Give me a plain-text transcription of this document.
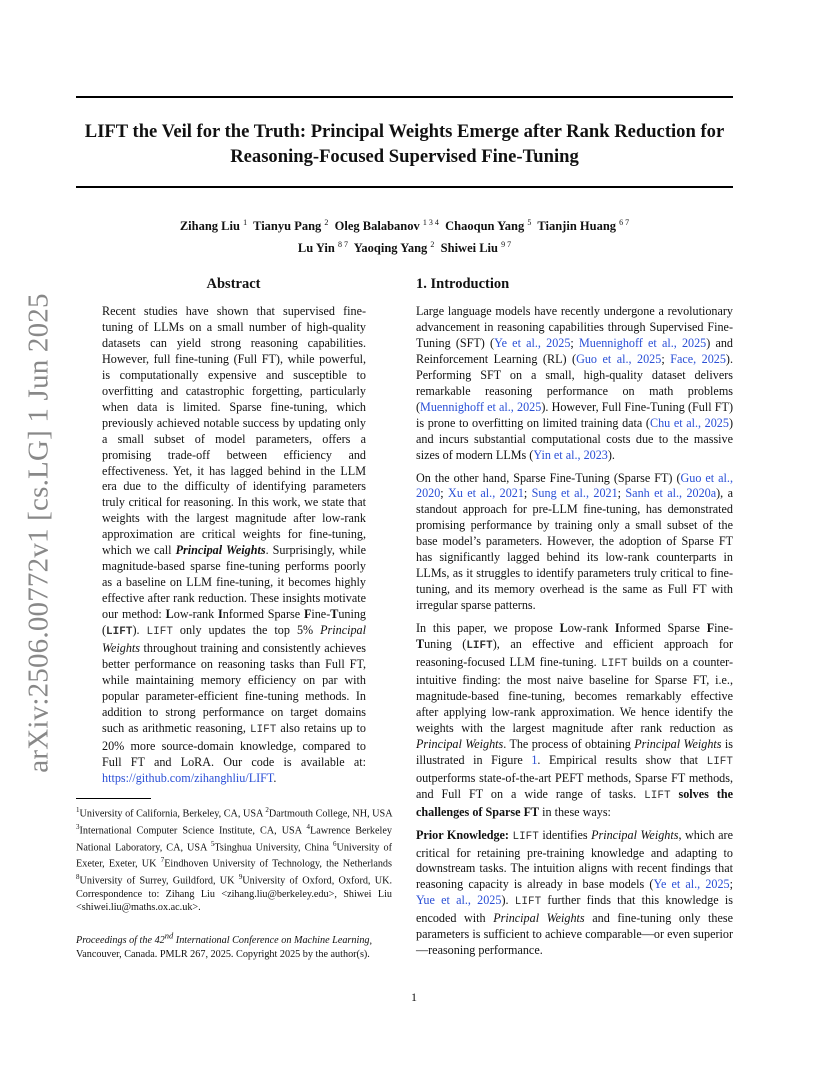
LIFT the Veil for the Truth: Principal Weights Emerge after Rank Reduction for
Reasoning-Focused Supervised Fine-Tuning
Zihang Liu $^1$ Tianyu Pang $^2$ Oleg Balabanov $^{1 3 4}$ Chaoqun Yang $^5$ Tianjin Huang $^{6 7}$
Lu Yin $^{8 7}$ Yaoqing Yang $^2$ Shiwei Liu $^{9 7}$
arXiv:2506.00772v1 [cs.LG] 1 Jun 2025
Abstract
Recent studies have shown that supervised fine-tuning of LLMs on a small number of high-quality datasets can yield strong reasoning capabilities. However, full fine-tuning (Full FT), while powerful, is computationally expensive and susceptible to overfitting and catastrophic forgetting, particularly when data is limited. Sparse fine-tuning, which previously achieved notable success by updating only a small subset of model parameters, offers a promising trade-off between efficiency and effectiveness. Yet, it has lagged behind in the LLM era due to the difficulty of identifying parameters truly critical for reasoning. In this work, we state that weights with the largest magnitude after low-rank approximation are critical weights for fine-tuning, which we call Principal Weights. Surprisingly, while magnitude-based sparse fine-tuning performs poorly as a baseline on LLM fine-tuning, it becomes highly effective after rank reduction. These insights motivate our method: Low-rank Informed Sparse Fine-Tuning (LIFT). LIFT only updates the top 5% Principal Weights throughout training and consistently achieves better performance on reasoning tasks than Full FT, while maintaining memory efficiency on par with popular parameter-efficient fine-tuning methods. In addition to strong performance on target domains such as arithmetic reasoning, LIFT also retains up to 20% more source-domain knowledge, compared to Full FT and LoRA. Our code is available at: https://github.com/zihanghliu/LIFT.
$^1$University of California, Berkeley, CA, USA $^2$Dartmouth College, NH, USA $^3$International Computer Science Institute, CA, USA $^4$Lawrence Berkeley National Laboratory, CA, USA $^5$Tsinghua University, China $^6$University of Exeter, Exeter, UK $^7$Eindhoven University of Technology, the Netherlands $^8$University of Surrey, Guildford, UK $^9$University of Oxford, Oxford, UK. Correspondence to: Zihang Liu <zihang.liu@berkeley.edu>, Shiwei Liu <shiwei.liu@maths.ox.ac.uk>.
Proceedings of the 42nd International Conference on Machine Learning, Vancouver, Canada. PMLR 267, 2025. Copyright 2025 by the author(s).
1. Introduction

Large language models have recently undergone a revolutionary advancement in reasoning capabilities through Supervised Fine-Tuning (SFT) (Ye et al., 2025; Muennighoff et al., 2025) and Reinforcement Learning (RL) (Guo et al., 2025; Face, 2025). Performing SFT on a small, high-quality dataset delivers remarkable reasoning performance on math problems (Muennighoff et al., 2025). However, Full Fine-Tuning (Full FT) is prone to overfitting on limited training data (Chu et al., 2025) and incurs substantial computational costs due to the massive sizes of modern LLMs (Yin et al., 2023).

On the other hand, Sparse Fine-Tuning (Sparse FT) (Guo et al., 2020; Xu et al., 2021; Sung et al., 2021; Sanh et al., 2020a), a standout approach for pre-LLM fine-tuning, has demonstrated promising performance by training only a small subset of the base model’s parameters. However, the adoption of Sparse FT has significantly lagged behind its low-rank counterparts in LLMs, as it struggles to identify parameters truly critical to fine-tuning, and its memory overhead is the same as Full FT with irregular sparse patterns.

In this paper, we propose Low-rank Informed Sparse Fine-Tuning (LIFT), an effective and efficient approach for reasoning-focused LLM fine-tuning. LIFT builds on a counter-intuitive finding: the most naive baseline for Sparse FT, i.e., magnitude-based fine-tuning, becomes remarkably effective after applying low-rank approximation. We hence identify the weights with the largest magnitude after rank reduction as Principal Weights. The process of obtaining Principal Weights is illustrated in Figure 1. Empirical results show that LIFT outperforms state-of-the-art PEFT methods, Sparse FT methods, and Full FT on a wide range of tasks. LIFT solves the challenges of Sparse FT in these ways:

Prior Knowledge: LIFT identifies Principal Weights, which are critical for retaining pre-training knowledge and adapting to downstream tasks. The intuition aligns with recent findings that reasoning capacity is already in base models (Ye et al., 2025; Yue et al., 2025). LIFT further finds that this knowledge is encoded with Principal Weights and fine-tuning only these parameters is sufficient to achieve comparable—or even superior—reasoning performance.

1
